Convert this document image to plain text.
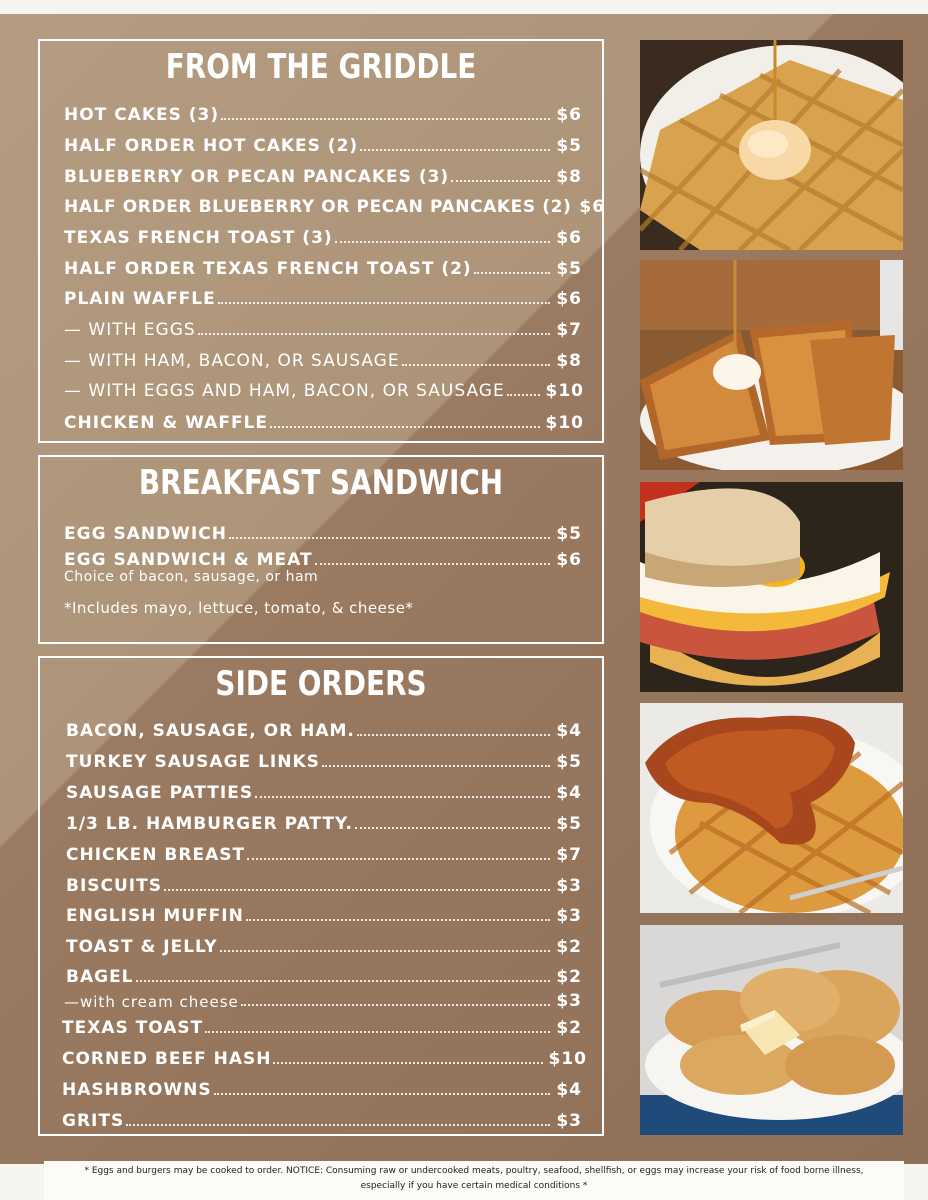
FROM THE GRIDDLE
HOT CAKES (3)	$6
HALF ORDER HOT CAKES (2)	$5
BLUEBERRY OR PECAN PANCAKES (3)	$8
HALF ORDER BLUEBERRY OR PECAN PANCAKES (2) $6
TEXAS FRENCH TOAST (3)	$6
HALF ORDER TEXAS FRENCH TOAST (2)	$5
PLAIN WAFFLE	$6
— WITH EGGS	$7
— WITH HAM, BACON, OR SAUSAGE	$8
— WITH EGGS AND HAM, BACON, OR SAUSAGE $10
CHICKEN & WAFFLE	$10
BREAKFAST SANDWICH
EGG SANDWICH	$5
EGG SANDWICH & MEAT	$6
Choice of bacon, sausage, or ham
*Includes mayo, lettuce, tomato, & cheese*
SIDE ORDERS
BACON, SAUSAGE, OR HAM.	$4
TURKEY SAUSAGE LINKS	$5
SAUSAGE PATTIES	$4
1/3 LB. HAMBURGER PATTY.	$5
CHICKEN BREAST	$7
BISCUITS	$3
ENGLISH MUFFIN	$3
TOAST & JELLY	$2
BAGEL	$2
—with cream cheese	$3
TEXAS TOAST	$2
CORNED BEEF HASH	$10
HASHBROWNS	$4
GRITS	$3
* Eggs and burgers may be cooked to order. NOTICE: Consuming raw or undercooked meats, poultry, seafood, shellfish, or eggs may increase your risk of food borne illness,
especially if you have certain medical conditions *
